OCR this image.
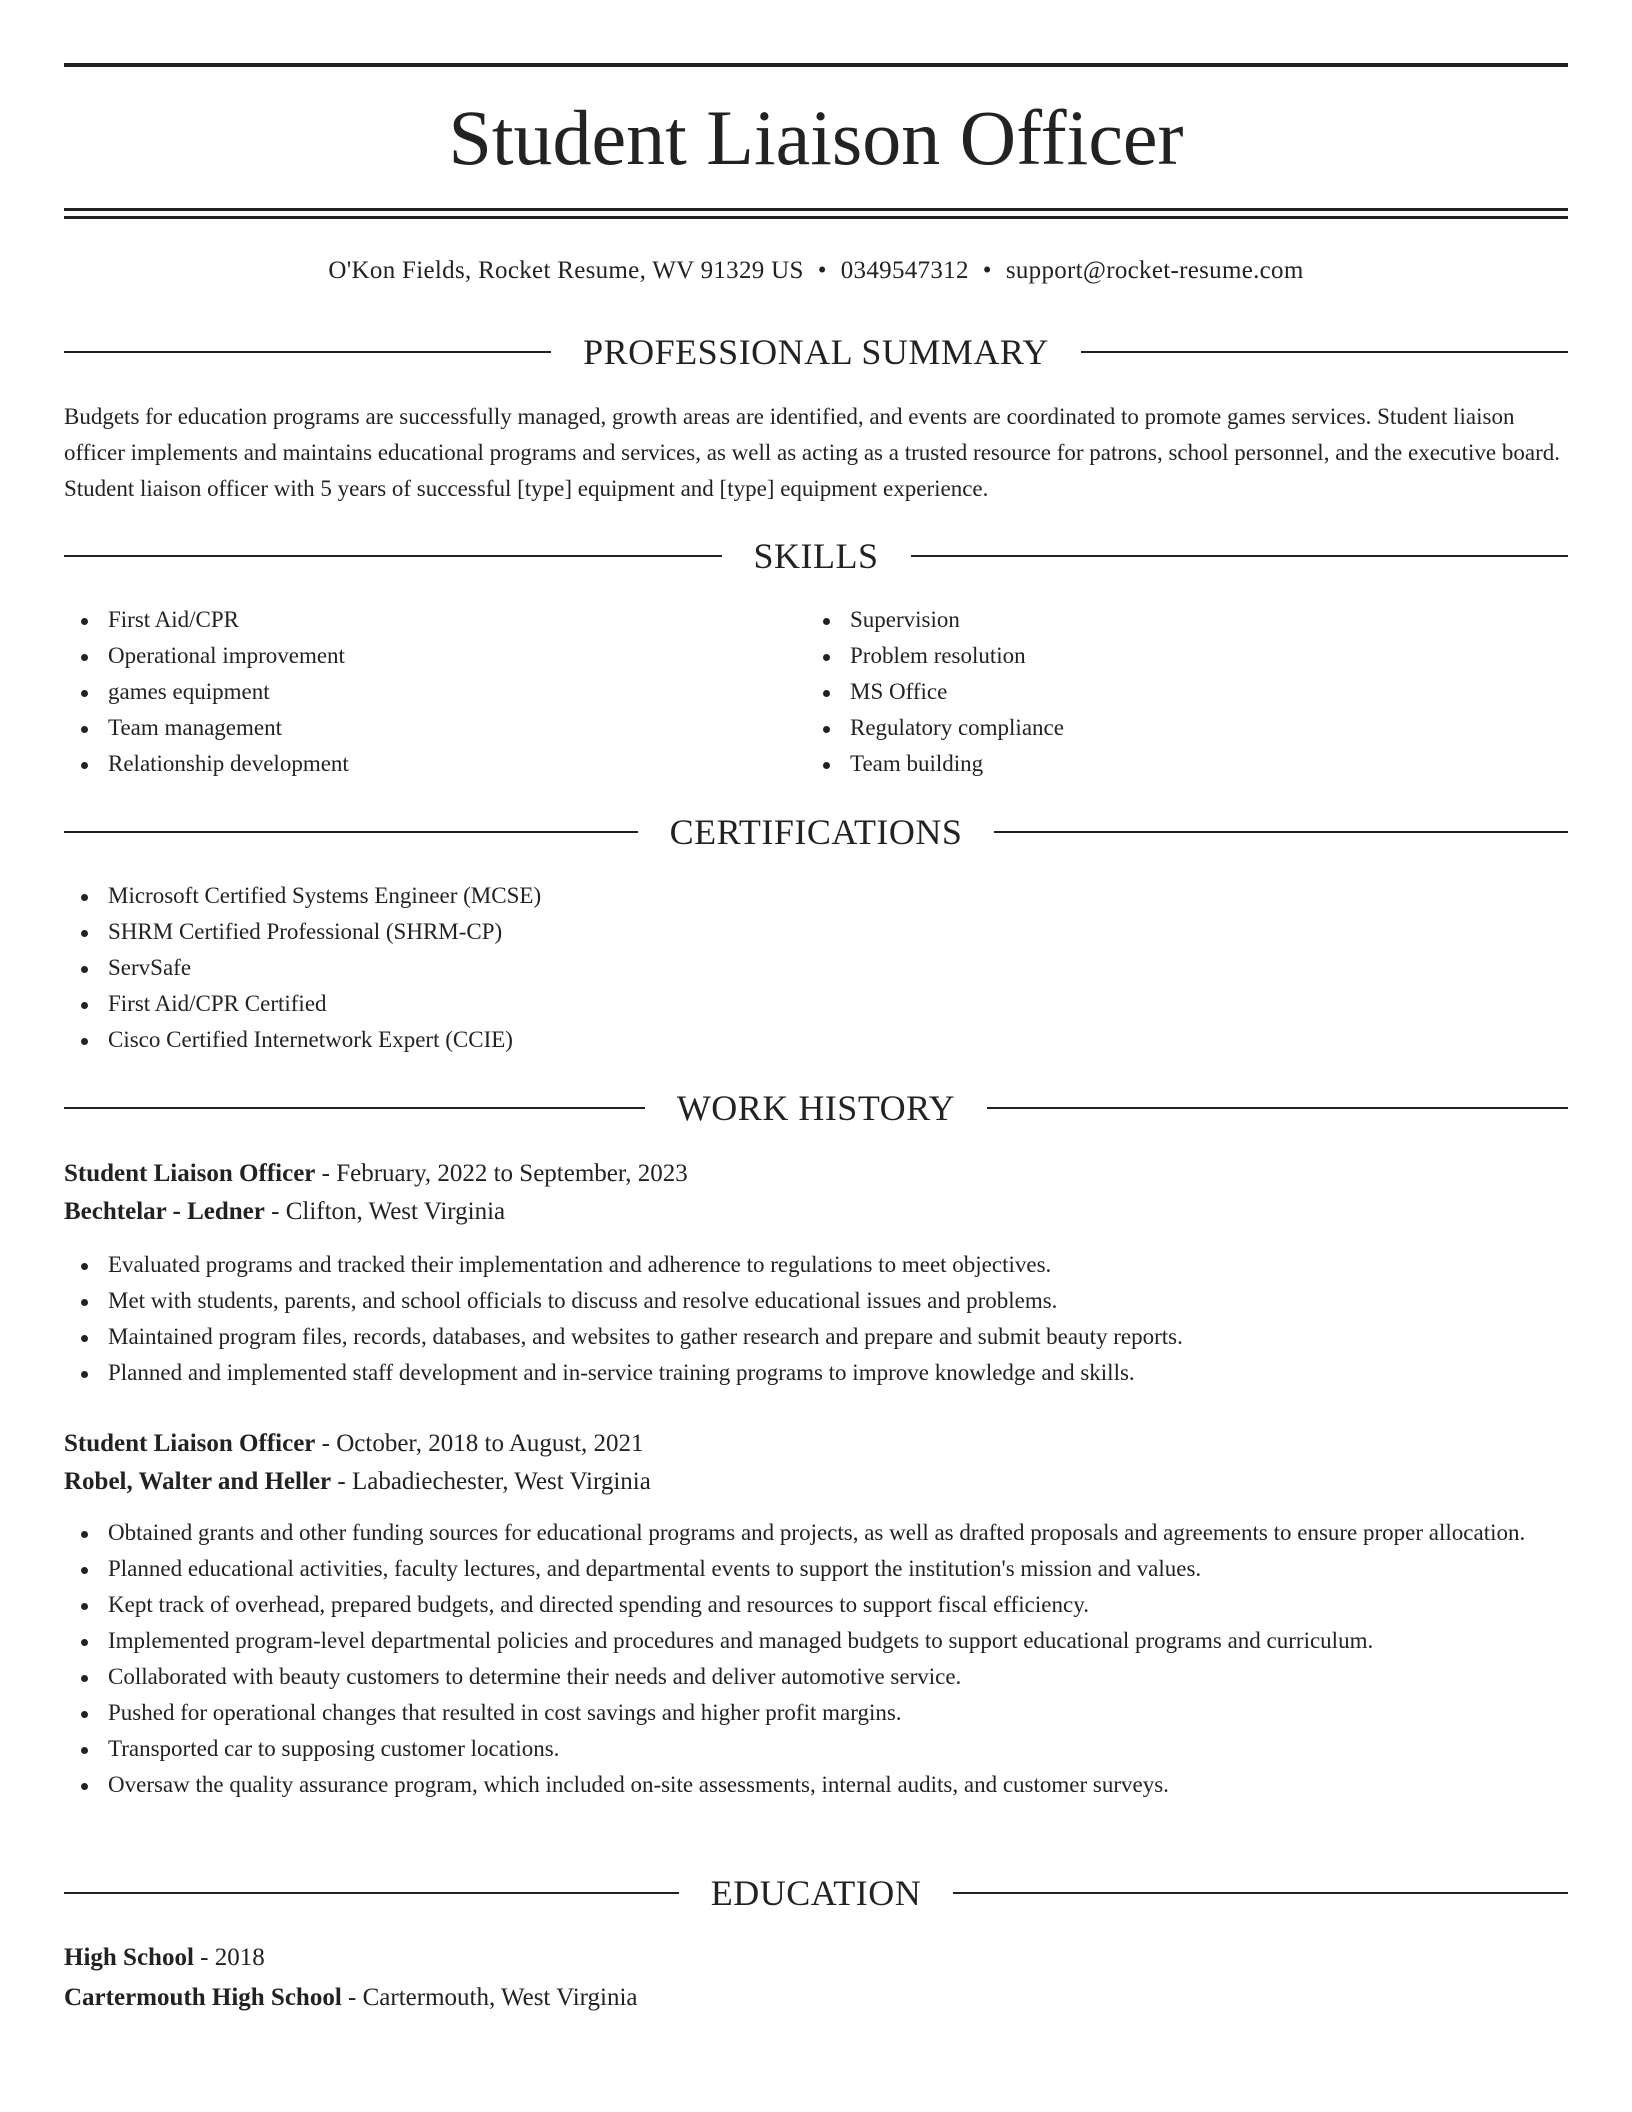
Student Liaison Officer
O'Kon Fields, Rocket Resume, WV 91329 US • 0349547312 • support@rocket-resume.com
PROFESSIONAL SUMMARY

Budgets for education programs are successfully managed, growth areas are identified, and events are coordinated to promote games services. Student liaison officer implements and maintains educational programs and services, as well as acting as a trusted resource for patrons, school personnel, and the executive board. Student liaison officer with 5 years of successful [type] equipment and [type] equipment experience.

SKILLS
First Aid/CPR
Operational improvement
games equipment
Team management
Relationship development
Supervision
Problem resolution
MS Office
Regulatory compliance
Team building
CERTIFICATIONS
Microsoft Certified Systems Engineer (MCSE)
SHRM Certified Professional (SHRM-CP)
ServSafe
First Aid/CPR Certified
Cisco Certified Internetwork Expert (CCIE)
WORK HISTORY
Student Liaison Officer - February, 2022 to September, 2023
Bechtelar - Ledner - Clifton, West Virginia
Evaluated programs and tracked their implementation and adherence to regulations to meet objectives.
Met with students, parents, and school officials to discuss and resolve educational issues and problems.
Maintained program files, records, databases, and websites to gather research and prepare and submit beauty reports.
Planned and implemented staff development and in-service training programs to improve knowledge and skills.
Student Liaison Officer - October, 2018 to August, 2021
Robel, Walter and Heller - Labadiechester, West Virginia
Obtained grants and other funding sources for educational programs and projects, as well as drafted proposals and agreements to ensure proper allocation.
Planned educational activities, faculty lectures, and departmental events to support the institution's mission and values.
Kept track of overhead, prepared budgets, and directed spending and resources to support fiscal efficiency.
Implemented program-level departmental policies and procedures and managed budgets to support educational programs and curriculum.
Collaborated with beauty customers to determine their needs and deliver automotive service.
Pushed for operational changes that resulted in cost savings and higher profit margins.
Transported car to supposing customer locations.
Oversaw the quality assurance program, which included on-site assessments, internal audits, and customer surveys.
EDUCATION
High School - 2018
Cartermouth High School - Cartermouth, West Virginia
